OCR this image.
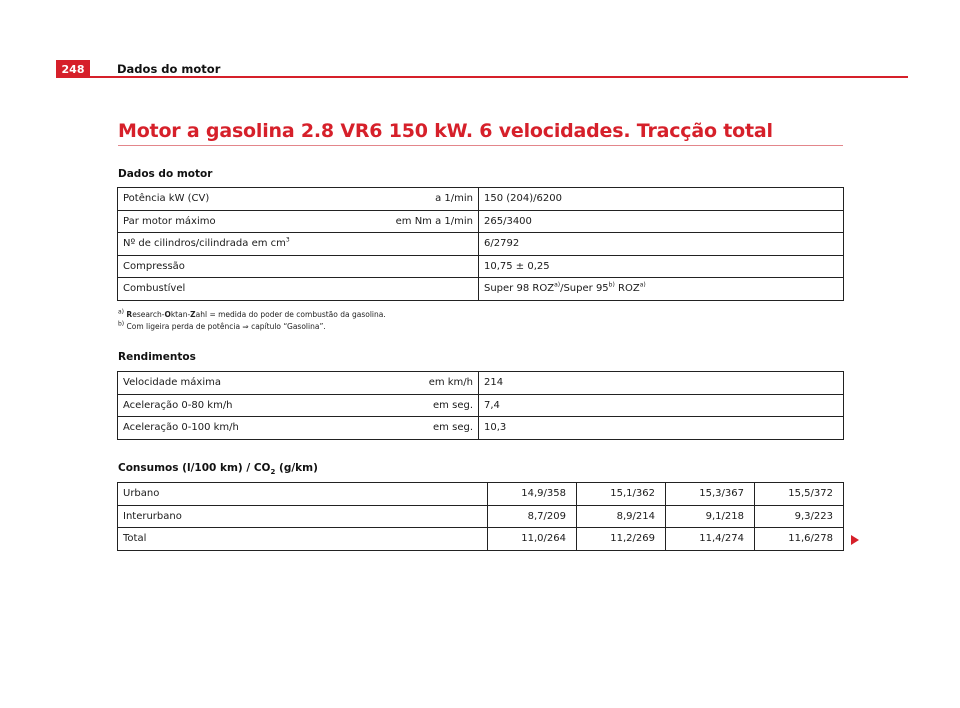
248	Dados do motor
Motor a gasolina 2.8 VR6 150 kW. 6 velocidades. Tracção total
Dados do motor
Potência kW (CV) a 1/min	150 (204)/6200

Par motor máximo em Nm a 1/min	265/3400

Nº de cilindros/cilindrada em $cm^3$	6/2792

Compressão	10,75 ± 0,25

Combustível	Super 98 ROZ$^{a)}$/Super 95$^{b)}$ ROZ$^{a)}$
$^{a)}$ Research-Oktan-Zahl = medida do poder de combustão da gasolina.
$^{b)}$ Com ligeira perda de potência ⇒ capítulo “Gasolina”.
Rendimentos
Velocidade máxima em km/h	214

Aceleração 0-80 km/h em seg.	7,4

Aceleração 0-100 km/h em seg.	10,3
Consumos (l/100 $km) / CO_2$ (g/km)
Urbano	14,9/358	15,1/362	15,3/367	15,5/372
Interurbano	8,7/209	8,9/214	9,1/218	9,3/223
Total	11,0/264	11,2/269	11,4/274	11,6/278
